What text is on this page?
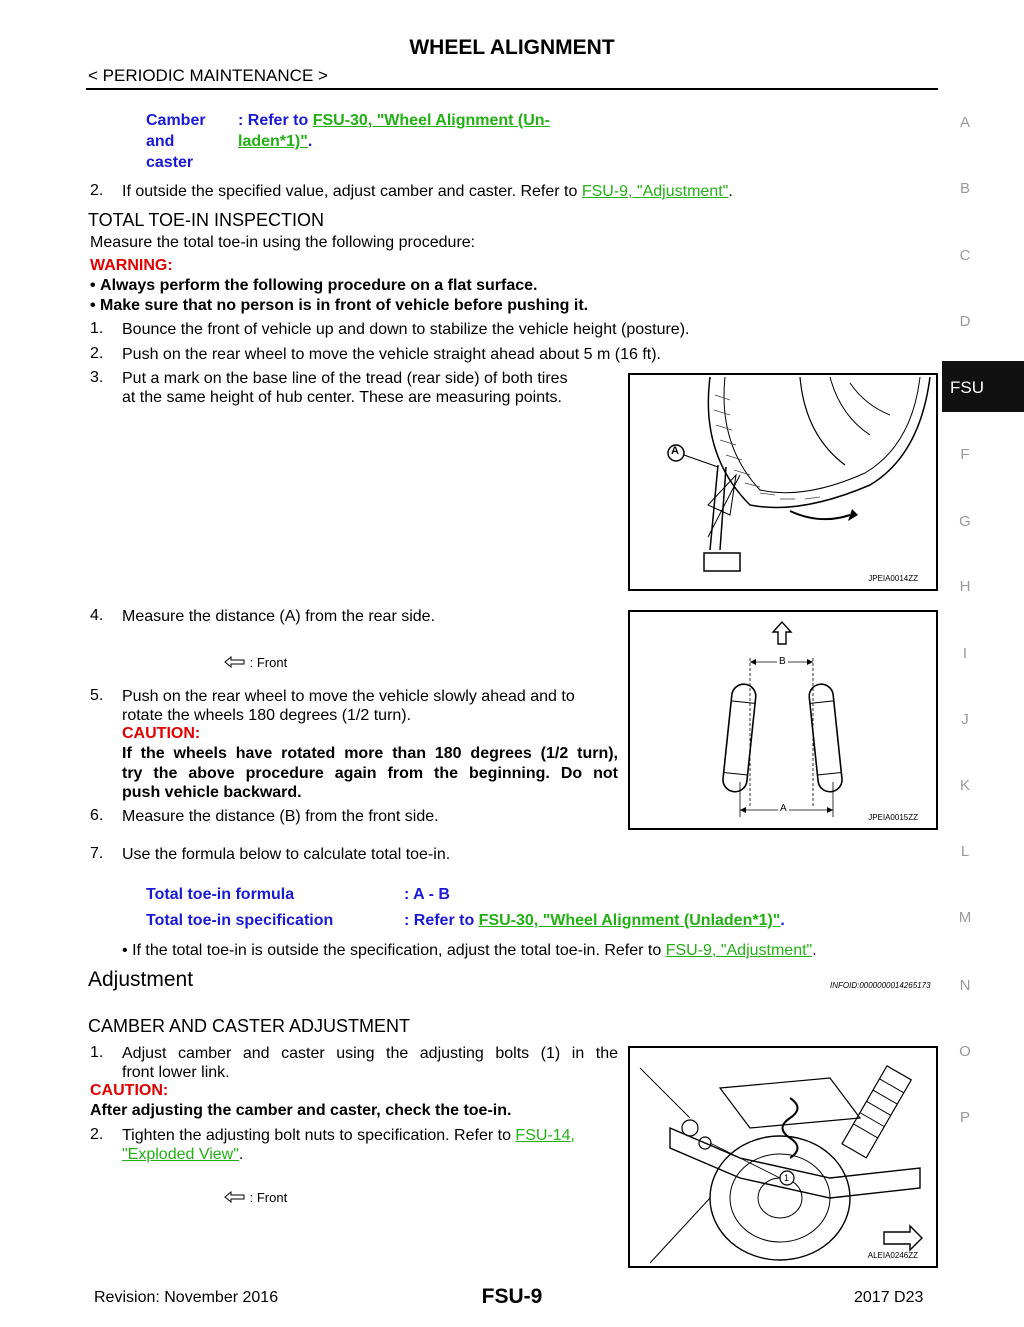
WHEEL ALIGNMENT
< PERIODIC MAINTENANCE >
Camber
and
caster
: Refer to FSU-30, "Wheel Alignment (Un-
laden*1)".
2. If outside the specified value, adjust camber and caster. Refer to FSU-9, "Adjustment".
TOTAL TOE-IN INSPECTION
Measure the total toe-in using the following procedure:
WARNING:
• Always perform the following procedure on a flat surface.
• Make sure that no person is in front of vehicle before pushing it.
1. Bounce the front of vehicle up and down to stabilize the vehicle height (posture).
2. Push on the rear wheel to move the vehicle straight ahead about 5 m (16 ft).
3. Put a mark on the base line of the tread (rear side) of both tires
at the same height of hub center. These are measuring points.
A
JPEIA0014ZZ
4. Measure the distance (A) from the rear side.
: Front	B
A
JPEIA0015ZZ
5. Push on the rear wheel to move the vehicle slowly ahead and to
rotate the wheels 180 degrees (1/2 turn).
CAUTION:
If the wheels have rotated more than 180 degrees (1/2 turn),
try the above procedure again from the beginning. Do not
push vehicle backward.
6. Measure the distance (B) from the front side.
7. Use the formula below to calculate total toe-in.
Total toe-in formula	: A - B
Total toe-in specification	: Refer to FSU-30, "Wheel Alignment (Unladen*1)".
• If the total toe-in is outside the specification, adjust the total toe-in. Refer to FSU-9, "Adjustment".
Adjustment	INFOID:0000000014265173
CAMBER AND CASTER ADJUSTMENT
1. Adjust camber and caster using the adjusting bolts (1) in the
front lower link.
CAUTION:
After adjusting the camber and caster, check the toe-in.
2. Tighten the adjusting bolt nuts to specification. Refer to FSU-14,
"Exploded View".
: Front
1
ALEIA0246ZZ
A
B
C
D
FSU
F
G
H
I
J
K
L
M
N
O
P
Revision: November 2016	FSU-9	2017 D23
